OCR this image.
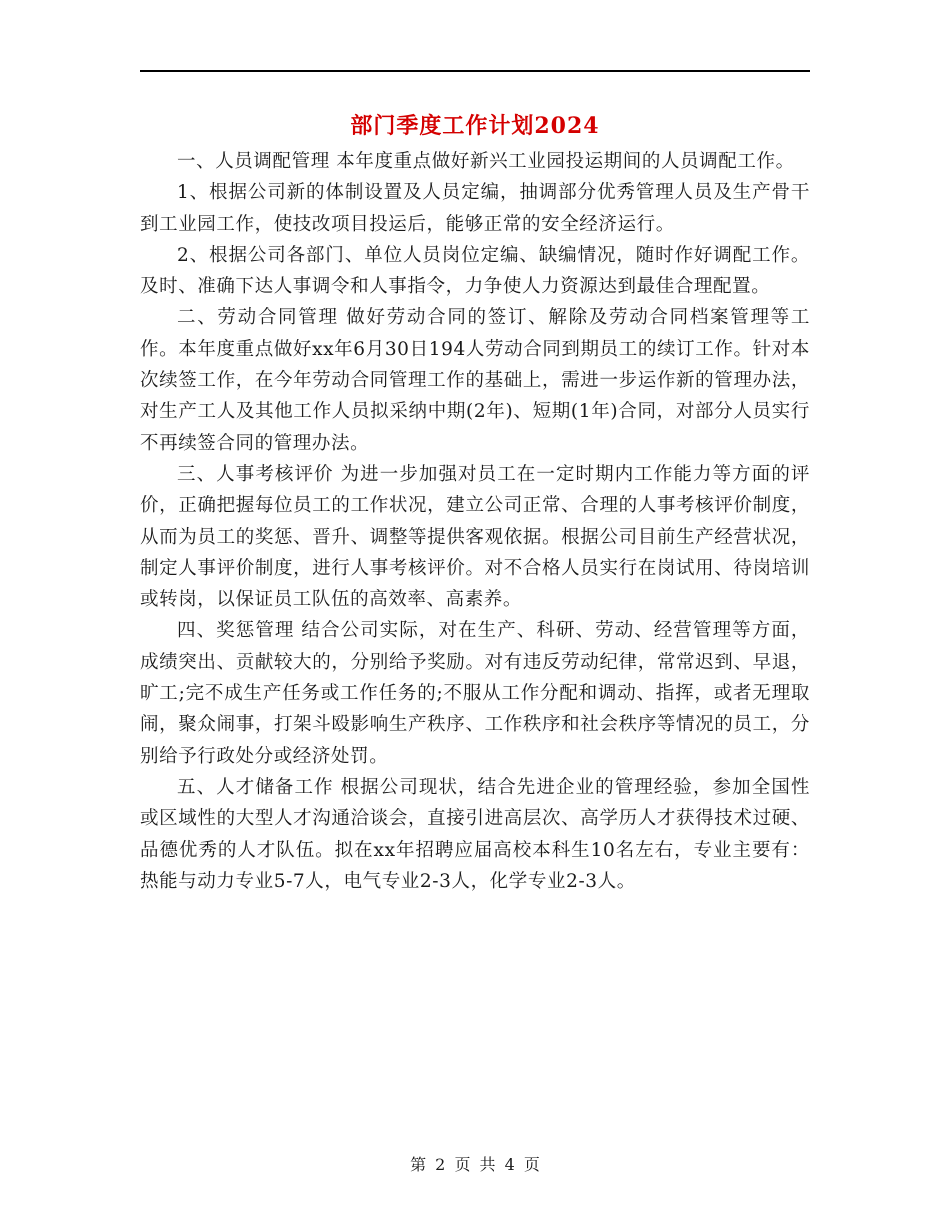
部门季度工作计划2024

一、人员调配管理 本年度重点做好新兴工业园投运期间的人员调配工作。

1、根据公司新的体制设置及人员定编，抽调部分优秀管理人员及生产骨干到工业园工作，使技改项目投运后，能够正常的安全经济运行。

2、根据公司各部门、单位人员岗位定编、缺编情况，随时作好调配工作。及时、准确下达人事调令和人事指令，力争使人力资源达到最佳合理配置。

二、劳动合同管理 做好劳动合同的签订、解除及劳动合同档案管理等工作。本年度重点做好xx年6月30日194人劳动合同到期员工的续订工作。针对本次续签工作，在今年劳动合同管理工作的基础上，需进一步运作新的管理办法，对生产工人及其他工作人员拟采纳中期(2年)、短期(1年)合同，对部分人员实行不再续签合同的管理办法。

三、人事考核评价 为进一步加强对员工在一定时期内工作能力等方面的评价，正确把握每位员工的工作状况，建立公司正常、合理的人事考核评价制度，从而为员工的奖惩、晋升、调整等提供客观依据。根据公司目前生产经营状况，制定人事评价制度，进行人事考核评价。对不合格人员实行在岗试用、待岗培训或转岗，以保证员工队伍的高效率、高素养。

四、奖惩管理 结合公司实际，对在生产、科研、劳动、经营管理等方面，成绩突出、贡献较大的，分别给予奖励。对有违反劳动纪律，常常迟到、早退，旷工;完不成生产任务或工作任务的;不服从工作分配和调动、指挥，或者无理取闹，聚众闹事，打架斗殴影响生产秩序、工作秩序和社会秩序等情况的员工，分别给予行政处分或经济处罚。

五、人才储备工作 根据公司现状，结合先进企业的管理经验，参加全国性或区域性的大型人才沟通洽谈会，直接引进高层次、高学历人才获得技术过硬、品德优秀的人才队伍。拟在xx年招聘应届高校本科生10名左右，专业主要有：热能与动力专业5-7人，电气专业2-3人，化学专业2-3人。

第 2 页 共 4 页
